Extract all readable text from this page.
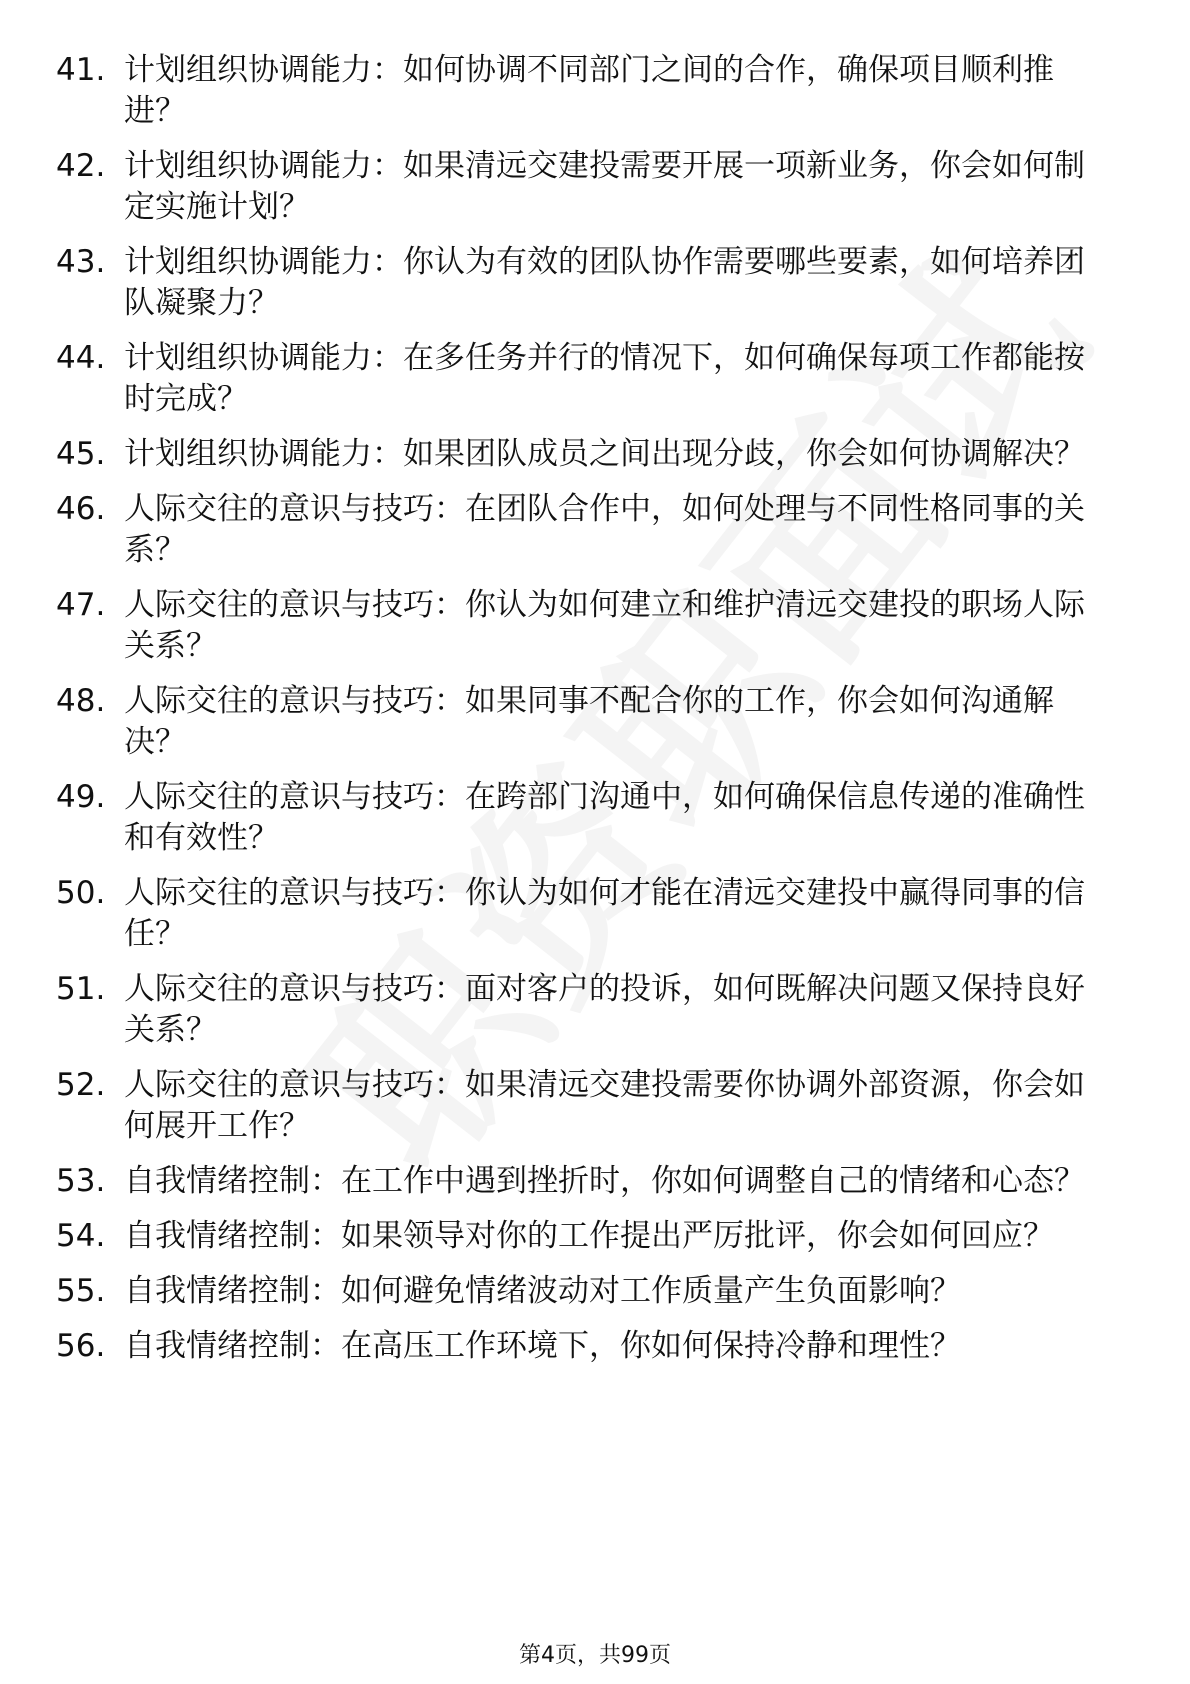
41. 计划组织协调能力：如何协调不同部门之间的合作，确保项目顺利推进？
42. 计划组织协调能力：如果清远交建投需要开展一项新业务，你会如何制定实施计划？
43. 计划组织协调能力：你认为有效的团队协作需要哪些要素，如何培养团队凝聚力？
44. 计划组织协调能力：在多任务并行的情况下，如何确保每项工作都能按时完成？
45. 计划组织协调能力：如果团队成员之间出现分歧，你会如何协调解决？
46. 人际交往的意识与技巧：在团队合作中，如何处理与不同性格同事的关系？
47. 人际交往的意识与技巧：你认为如何建立和维护清远交建投的职场人际关系？
48. 人际交往的意识与技巧：如果同事不配合你的工作，你会如何沟通解决？
49. 人际交往的意识与技巧：在跨部门沟通中，如何确保信息传递的准确性和有效性？
50. 人际交往的意识与技巧：你认为如何才能在清远交建投中赢得同事的信任？
51. 人际交往的意识与技巧：面对客户的投诉，如何既解决问题又保持良好关系？
52. 人际交往的意识与技巧：如果清远交建投需要你协调外部资源，你会如何展开工作？
53. 自我情绪控制：在工作中遇到挫折时，你如何调整自己的情绪和心态？
54. 自我情绪控制：如果领导对你的工作提出严厉批评，你会如何回应？
55. 自我情绪控制：如何避免情绪波动对工作质量产生负面影响？
56. 自我情绪控制：在高压工作环境下，你如何保持冷静和理性？
第4页，共99页
